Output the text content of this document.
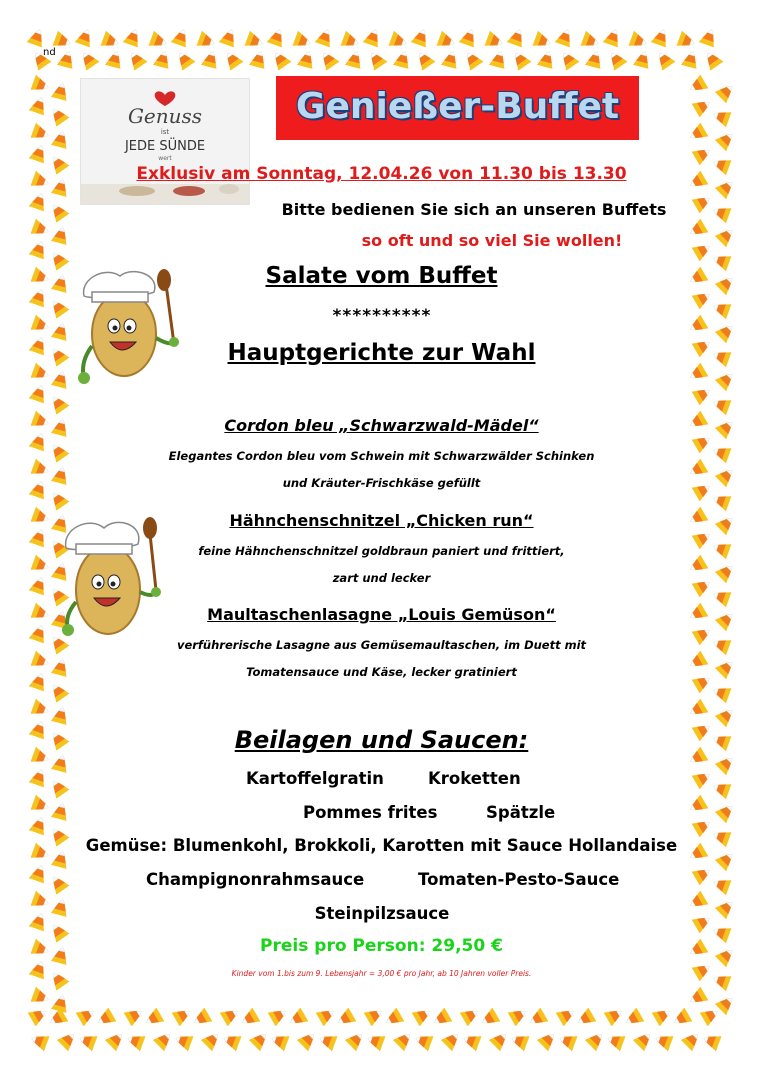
nd
Genuss
ist
JEDE SÜNDE
wert
Genießer-Buffet
Exklusiv am Sonntag, 12.04.26 von 11.30 bis 13.30
Bitte bedienen Sie sich an unseren Buffets
so oft und so viel Sie wollen!
Salate vom Buffet
**********
Hauptgerichte zur Wahl
Cordon bleu „Schwarzwald-Mädel“
Elegantes Cordon bleu vom Schwein mit Schwarzwälder Schinken
und Kräuter-Frischkäse gefüllt
Hähnchenschnitzel „Chicken run“
feine Hähnchenschnitzel goldbraun paniert und frittiert,
zart und lecker
Maultaschenlasagne „Louis Gemüson“
verführerische Lasagne aus Gemüsemaultaschen, im Duett mit
Tomatensauce und Käse, lecker gratiniert
Beilagen und Saucen:
Kartoffelgratin	Kroketten
Pommes frites	Spätzle
Gemüse: Blumenkohl, Brokkoli, Karotten mit Sauce Hollandaise
Champignonrahmsauce	Tomaten-Pesto-Sauce
Steinpilzsauce
Preis pro Person: 29,50 €
Kinder vom 1.bis zum 9. Lebensjahr = 3,00 € pro Jahr, ab 10 Jahren voller Preis.
